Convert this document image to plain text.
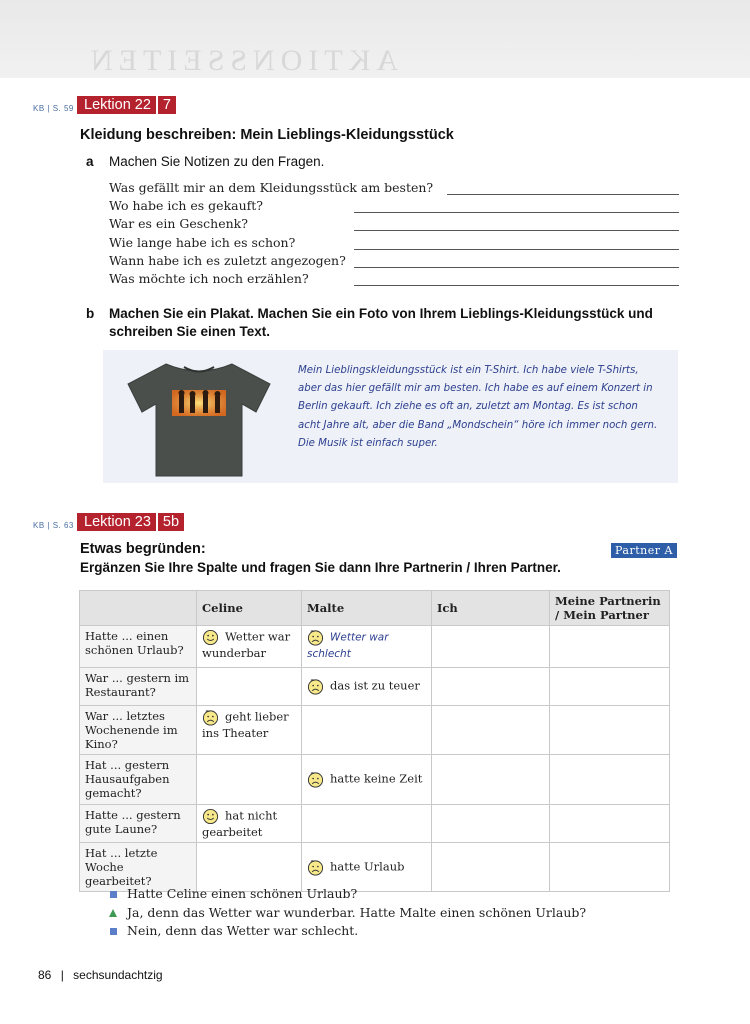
AKTIONSSEITEN
KB | S. 59 Lektion 22 7
Kleidung beschreiben: Mein Lieblings-Kleidungsstück
a Machen Sie Notizen zu den Fragen.
Was gefällt mir an dem Kleidungsstück am besten?
Wo habe ich es gekauft?
War es ein Geschenk?
Wie lange habe ich es schon?
Wann habe ich es zuletzt angezogen?
Was möchte ich noch erzählen?
b Machen Sie ein Plakat. Machen Sie ein Foto von Ihrem Lieblings-Kleidungsstück und
schreiben Sie einen Text.
Mein Lieblingskleidungsstück ist ein T-Shirt. Ich habe viele T-Shirts, aber das hier gefällt mir am besten. Ich habe es auf einem Konzert in Berlin gekauft. Ich ziehe es oft an, zuletzt am Montag. Es ist schon acht Jahre alt, aber die Band „Mondschein“ höre ich immer noch gern. Die Musik ist einfach super.
KB | S. 63 Lektion 23 5b
Etwas begründen:
Ergänzen Sie Ihre Spalte und fragen Sie dann Ihre Partnerin / Ihren Partner.
Partner A
	Celine	Malte	Ich	Meine Partnerin / Mein Partner
Hatte ... einen schönen Urlaub?	Wetter war wunderbar	Wetter war schlecht		
War ... gestern im Restaurant?		das ist zu teuer		
War ... letztes Wochenende im Kino?	geht lieber ins Theater			
Hat ... gestern Hausaufgaben gemacht?		hatte keine Zeit		
Hatte ... gestern gute Laune?	hat nicht gearbeitet			
Hat ... letzte Woche gearbeitet?		hatte Urlaub		
Hatte Celine einen schönen Urlaub?
Ja, denn das Wetter war wunderbar. Hatte Malte einen schönen Urlaub?
Nein, denn das Wetter war schlecht.
86 | sechsundachtzig
